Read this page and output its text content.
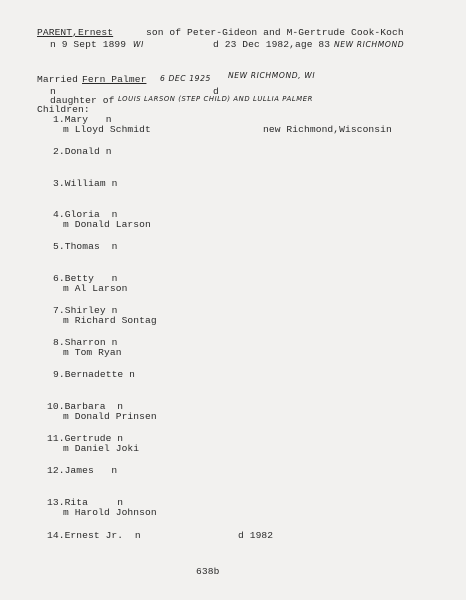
PARENT,Ernest	son of Peter-Gideon and M-Gertrude Cook-Koch
n 9 Sept 1899 WI	d 23 Dec 1982,age 83 NEW RICHMOND
Married Fern Palmer 6 DEC 1925 NEW RICHMOND, WI
n	d
daughter of LOUIS LARSON (STEP CHILD) AND LULLIA PALMER
Children:
1.Mary   n
m Lloyd Schmidt	new Richmond,Wisconsin
2.Donald n
3.William n
4.Gloria  n
m Donald Larson
5.Thomas  n
6.Betty   n
m Al Larson
7.Shirley n
m Richard Sontag
8.Sharron n
m Tom Ryan
9.Bernadette n
10.Barbara  n
m Donald Prinsen
11.Gertrude n
m Daniel Joki
12.James   n
13.Rita     n
m Harold Johnson
14.Ernest Jr.  n	d 1982
638b
